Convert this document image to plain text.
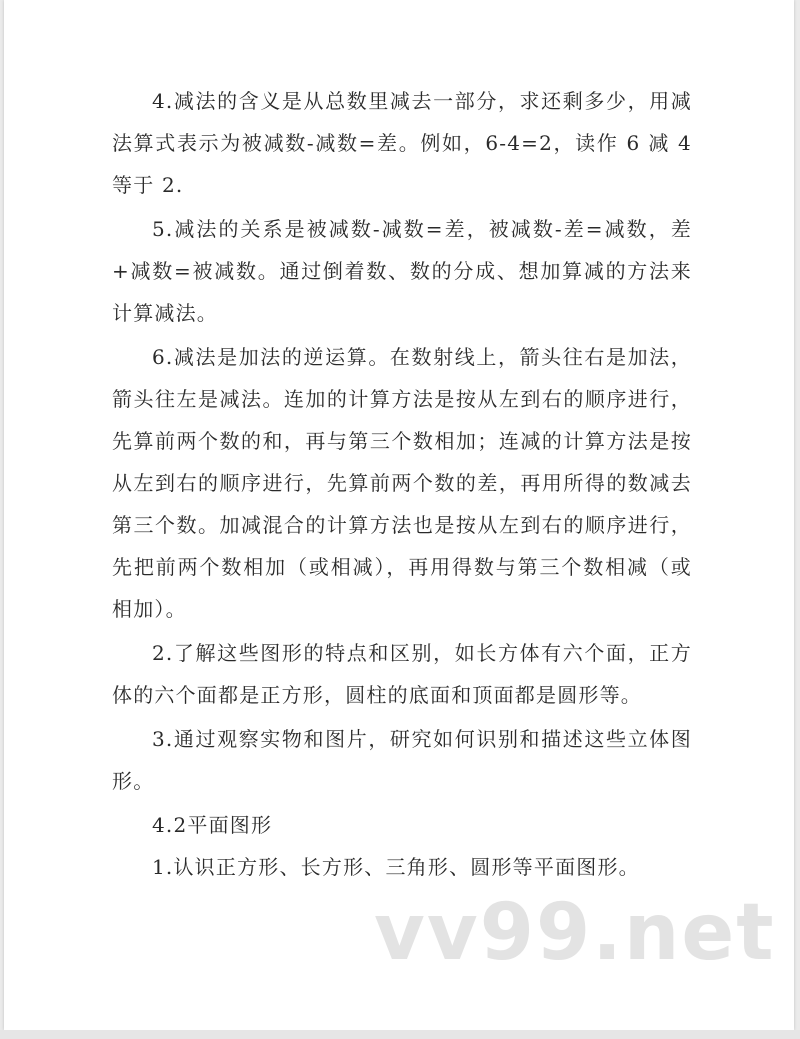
4.减法的含义是从总数里减去一部分，求还剩多少，用减法算式表示为被减数-减数=差。例如，6-4=2，读作 6 减 4 等于 2.

5.减法的关系是被减数-减数=差，被减数-差=减数，差+减数=被减数。通过倒着数、数的分成、想加算减的方法来计算减法。

6.减法是加法的逆运算。在数射线上，箭头往右是加法，箭头往左是减法。连加的计算方法是按从左到右的顺序进行，先算前两个数的和，再与第三个数相加；连减的计算方法是按从左到右的顺序进行，先算前两个数的差，再用所得的数减去第三个数。加减混合的计算方法也是按从左到右的顺序进行，先把前两个数相加（或相减），再用得数与第三个数相减（或相加）。

2.了解这些图形的特点和区别，如长方体有六个面，正方体的六个面都是正方形，圆柱的底面和顶面都是圆形等。

3.通过观察实物和图片，研究如何识别和描述这些立体图形。

4.2平面图形

1.认识正方形、长方形、三角形、圆形等平面图形。

vv99.net
